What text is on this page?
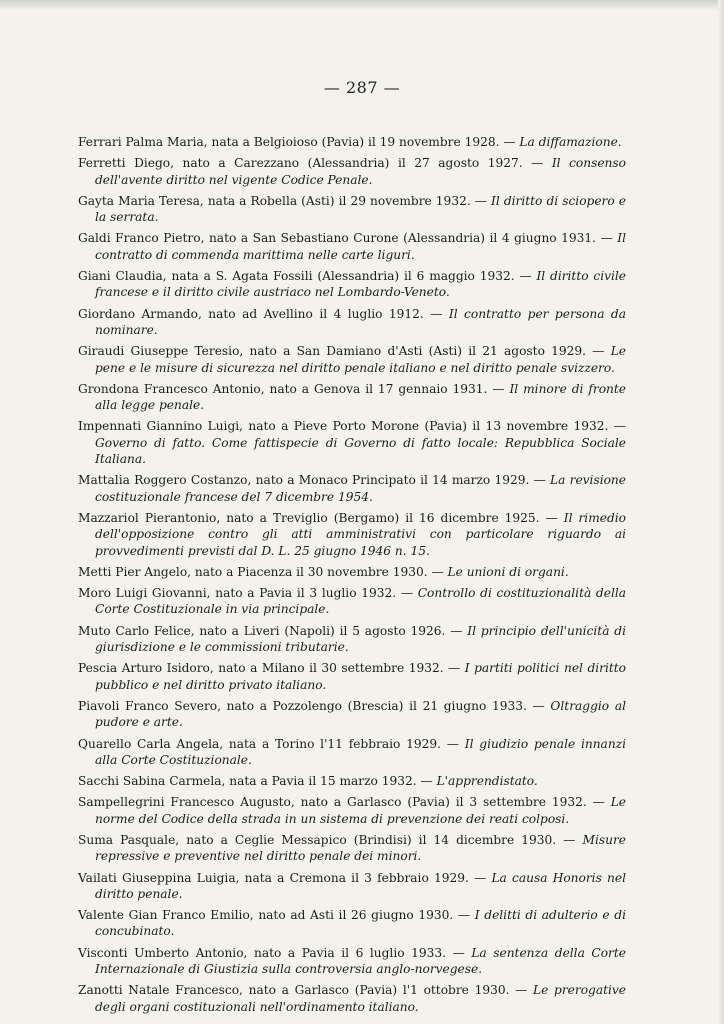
— 287 —
Ferrari Palma Maria, nata a Belgioioso (Pavia) il 19 novembre 1928. — La diffamazione.
Ferretti Diego, nato a Carezzano (Alessandria) il 27 agosto 1927. — Il consenso dell'avente diritto nel vigente Codice Penale.
Gayta Maria Teresa, nata a Robella (Asti) il 29 novembre 1932. — Il diritto di sciopero e la serrata.
Galdi Franco Pietro, nato a San Sebastiano Curone (Alessandria) il 4 giugno 1931. — Il contratto di commenda marittima nelle carte liguri.
Giani Claudia, nata a S. Agata Fossili (Alessandria) il 6 maggio 1932. — Il diritto civile francese e il diritto civile austriaco nel Lombardo-Veneto.
Giordano Armando, nato ad Avellino il 4 luglio 1912. — Il contratto per persona da nominare.
Giraudi Giuseppe Teresio, nato a San Damiano d'Asti (Asti) il 21 agosto 1929. — Le pene e le misure di sicurezza nel diritto penale italiano e nel diritto penale svizzero.
Grondona Francesco Antonio, nato a Genova il 17 gennaio 1931. — Il minore di fronte alla legge penale.
Impennati Giannino Luigi, nato a Pieve Porto Morone (Pavia) il 13 novembre 1932. — Governo di fatto. Come fattispecie di Governo di fatto locale: Repubblica Sociale Italiana.
Mattalia Roggero Costanzo, nato a Monaco Principato il 14 marzo 1929. — La revisione costituzionale francese del 7 dicembre 1954.
Mazzariol Pierantonio, nato a Treviglio (Bergamo) il 16 dicembre 1925. — Il rimedio dell'opposizione contro gli atti amministrativi con particolare riguardo ai provvedimenti previsti dal D. L. 25 giugno 1946 n. 15.
Metti Pier Angelo, nato a Piacenza il 30 novembre 1930. — Le unioni di organi.
Moro Luigi Giovanni, nato a Pavia il 3 luglio 1932. — Controllo di costituzionalità della Corte Costituzionale in via principale.
Muto Carlo Felice, nato a Liveri (Napoli) il 5 agosto 1926. — Il principio dell'unicità di giurisdizione e le commissioni tributarie.
Pescia Arturo Isidoro, nato a Milano il 30 settembre 1932. — I partiti politici nel diritto pubblico e nel diritto privato italiano.
Piavoli Franco Severo, nato a Pozzolengo (Brescia) il 21 giugno 1933. — Oltraggio al pudore e arte.
Quarello Carla Angela, nata a Torino l'11 febbraio 1929. — Il giudizio penale innanzi alla Corte Costituzionale.
Sacchi Sabina Carmela, nata a Pavia il 15 marzo 1932. — L'apprendistato.
Sampellegrini Francesco Augusto, nato a Garlasco (Pavia) il 3 settembre 1932. — Le norme del Codice della strada in un sistema di prevenzione dei reati colposi.
Suma Pasquale, nato a Ceglie Messapico (Brindisi) il 14 dicembre 1930. — Misure repressive e preventive nel diritto penale dei minori.
Vailati Giuseppina Luigia, nata a Cremona il 3 febbraio 1929. — La causa Honoris nel diritto penale.
Valente Gian Franco Emilio, nato ad Asti il 26 giugno 1930. — I delitti di adulterio e di concubinato.
Visconti Umberto Antonio, nato a Pavia il 6 luglio 1933. — La sentenza della Corte Internazionale di Giustizia sulla controversia anglo-norvegese.
Zanotti Natale Francesco, nato a Garlasco (Pavia) l'1 ottobre 1930. — Le prerogative degli organi costituzionali nell'ordinamento italiano.
